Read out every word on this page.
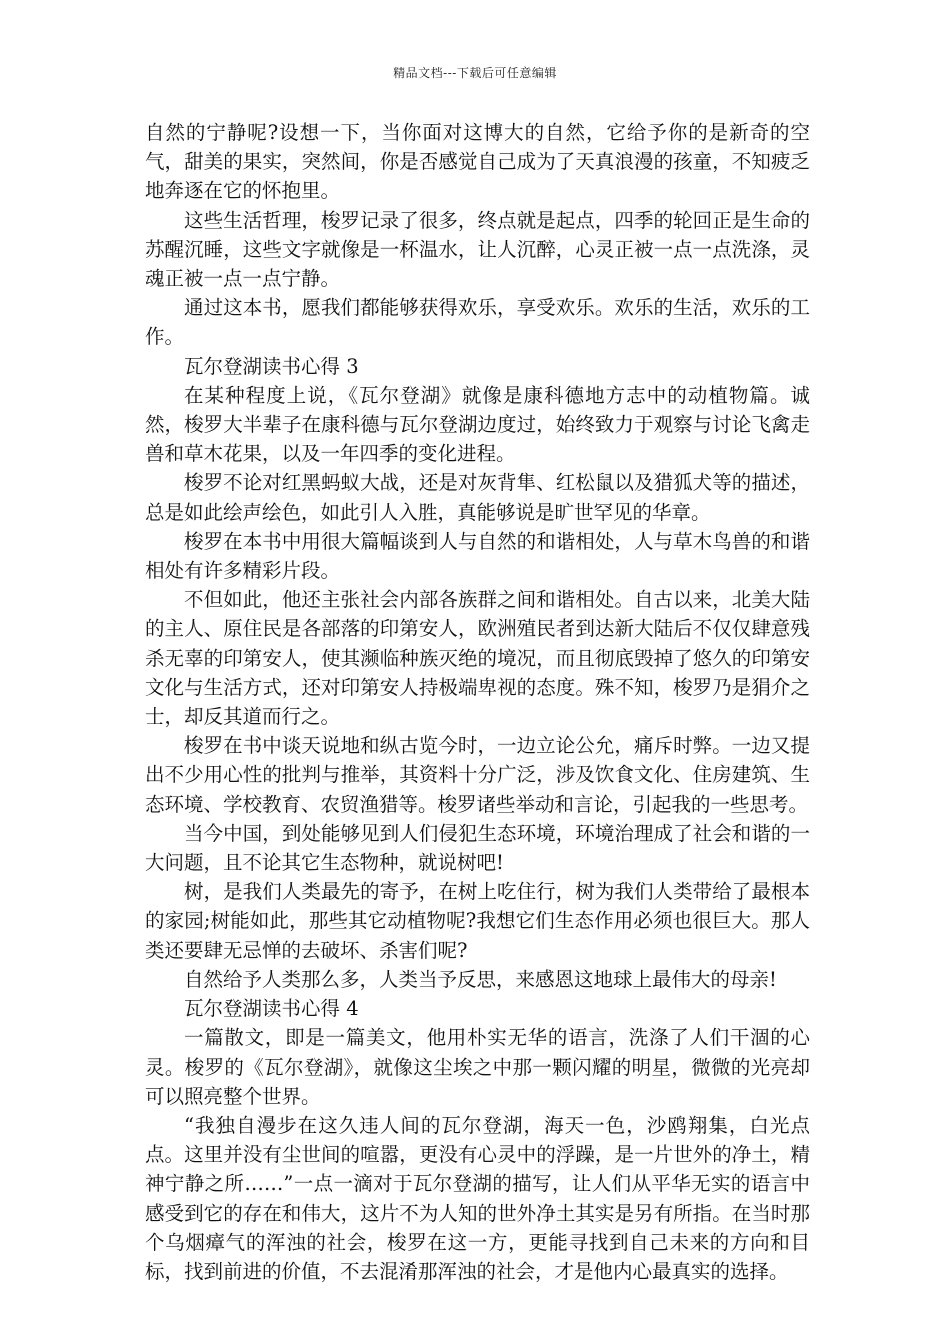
精品文档---下载后可任意编辑

自然的宁静呢?设想一下，当你面对这博大的自然，它给予你的是新奇的空气，甜美的果实，突然间，你是否感觉自己成为了天真浪漫的孩童，不知疲乏地奔逐在它的怀抱里。

这些生活哲理，梭罗记录了很多，终点就是起点，四季的轮回正是生命的苏醒沉睡，这些文字就像是一杯温水，让人沉醉，心灵正被一点一点洗涤，灵魂正被一点一点宁静。

通过这本书，愿我们都能够获得欢乐，享受欢乐。欢乐的生活，欢乐的工作。

瓦尔登湖读书心得 3

在某种程度上说，《瓦尔登湖》就像是康科德地方志中的动植物篇。诚然，梭罗大半辈子在康科德与瓦尔登湖边度过，始终致力于观察与讨论飞禽走兽和草木花果，以及一年四季的变化进程。

梭罗不论对红黑蚂蚁大战，还是对灰背隼、红松鼠以及猎狐犬等的描述，总是如此绘声绘色，如此引人入胜，真能够说是旷世罕见的华章。

梭罗在本书中用很大篇幅谈到人与自然的和谐相处，人与草木鸟兽的和谐相处有许多精彩片段。

不但如此，他还主张社会内部各族群之间和谐相处。自古以来，北美大陆的主人、原住民是各部落的印第安人，欧洲殖民者到达新大陆后不仅仅肆意残杀无辜的印第安人，使其濒临种族灭绝的境况，而且彻底毁掉了悠久的印第安文化与生活方式，还对印第安人持极端卑视的态度。殊不知，梭罗乃是狷介之士，却反其道而行之。

梭罗在书中谈天说地和纵古览今时，一边立论公允，痛斥时弊。一边又提出不少用心性的批判与推举，其资料十分广泛，涉及饮食文化、住房建筑、生态环境、学校教育、农贸渔猎等。梭罗诸些举动和言论，引起我的一些思考。

当今中国，到处能够见到人们侵犯生态环境，环境治理成了社会和谐的一大问题，且不论其它生态物种，就说树吧!

树，是我们人类最先的寄予，在树上吃住行，树为我们人类带给了最根本的家园;树能如此，那些其它动植物呢?我想它们生态作用必须也很巨大。那人类还要肆无忌惮的去破坏、杀害们呢?

自然给予人类那么多，人类当予反思，来感恩这地球上最伟大的母亲!

瓦尔登湖读书心得 4

一篇散文，即是一篇美文，他用朴实无华的语言，洗涤了人们干涸的心灵。梭罗的《瓦尔登湖》，就像这尘埃之中那一颗闪耀的明星，微微的光亮却可以照亮整个世界。

“我独自漫步在这久违人间的瓦尔登湖，海天一色，沙鸥翔集，白光点点。这里并没有尘世间的喧嚣，更没有心灵中的浮躁，是一片世外的净土，精神宁静之所……”一点一滴对于瓦尔登湖的描写，让人们从平华无实的语言中感受到它的存在和伟大，这片不为人知的世外净土其实是另有所指。在当时那个乌烟瘴气的浑浊的社会，梭罗在这一方，更能寻找到自己未来的方向和目标，找到前进的价值，不去混淆那浑浊的社会，才是他内心最真实的选择。
